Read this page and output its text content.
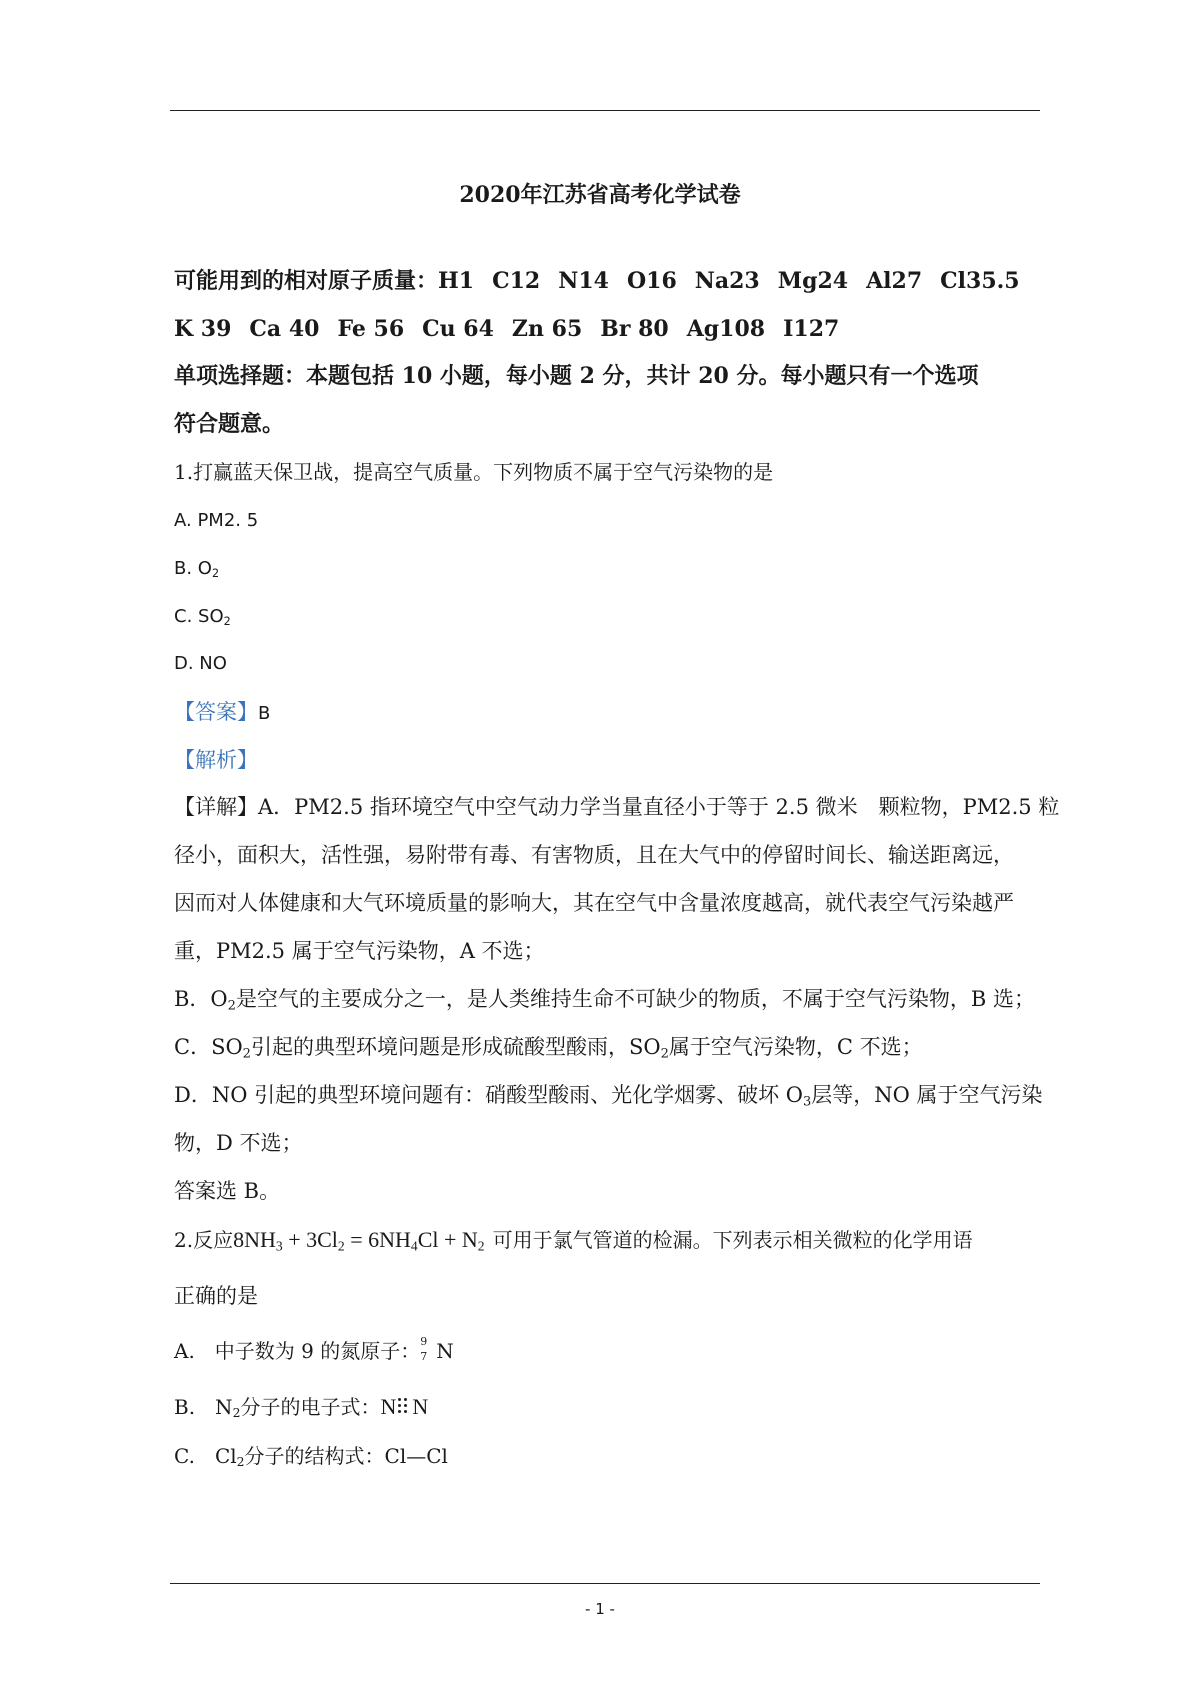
2020年江苏省高考化学试卷
可能用到的相对原子质量：H1 C12 N14 O16 Na23 Mg24 Al27 Cl35.5
K 39 Ca 40 Fe 56 Cu 64 Zn 65 Br 80 Ag108 I127
单项选择题：本题包括 10 小题，每小题 2 分，共计 20 分。每小题只有一个选项
符合题意。
1.打赢蓝天保卫战，提高空气质量。下列物质不属于空气污染物的是
A. PM2. 5
B. $O_2$
C. $SO_2$
D. NO
【答案】B
【解析】
【详解】A．PM2.5 指环境空气中空气动力学当量直径小于等于 2.5 微米　颗粒物，PM2.5 粒
径小，面积大，活性强，易附带有毒、有害物质，且在大气中的停留时间长、输送距离远，
因而对人体健康和大气环境质量的影响大，其在空气中含量浓度越高，就代表空气污染越严
重，PM2.5 属于空气污染物，A 不选；
B．$O_2$是空气的主要成分之一，是人类维持生命不可缺少的物质，不属于空气污染物，B 选；
C．$SO_2$引起的典型环境问题是形成硫酸型酸雨，$SO_2$属于空气污染物，C 不选；
D．NO 引起的典型环境问题有：硝酸型酸雨、光化学烟雾、破坏 $O_3$层等，NO 属于空气污染
物，D 不选；
答案选 B。
2.反应$8NH_3 + 3Cl_2 = 6NH_4Cl + N_2$ 可用于氯气管道的检漏。下列表示相关微粒的化学用语
正确的是
A.　中子数为 9 的氮原子： 9
7 N
B.　$N_2$分子的电子式：N N
C.　$Cl_2$分子的结构式：Cl—Cl
- 1 -
